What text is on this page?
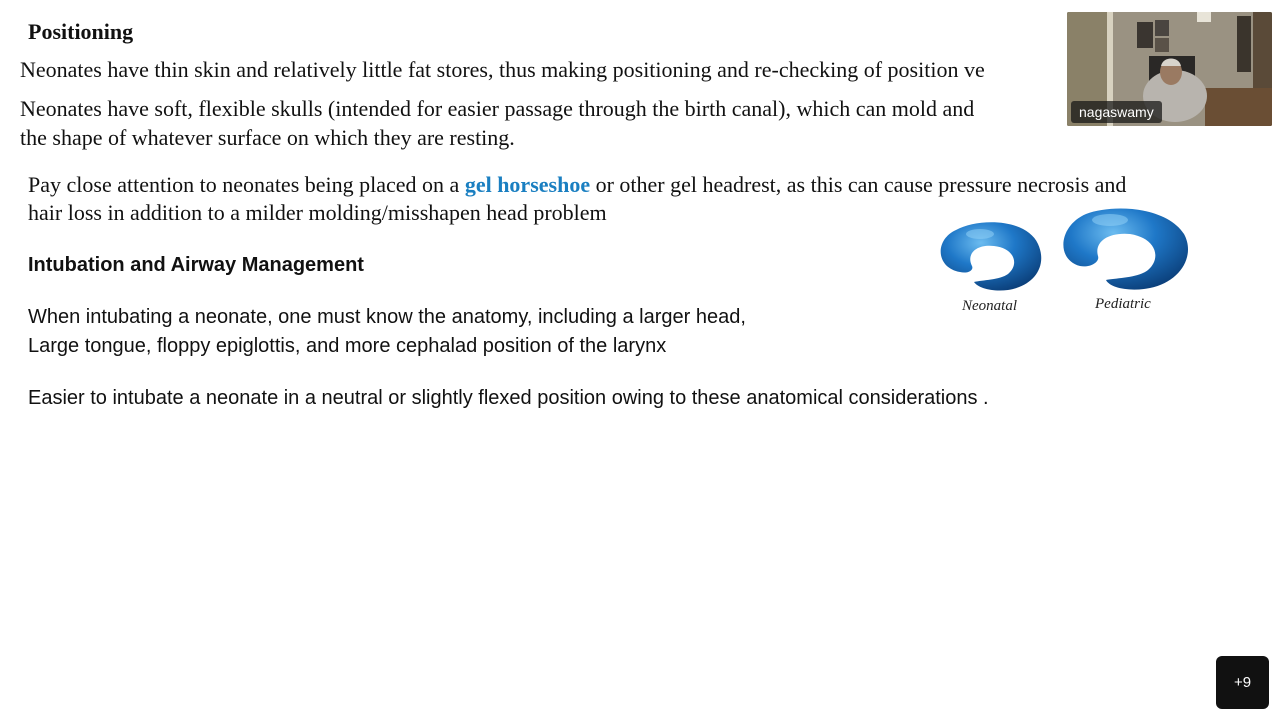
Positioning
Neonates have thin skin and relatively little fat stores, thus making positioning and re-checking of position ve
Neonates have soft, flexible skulls (intended for easier passage through the birth canal), which can mold and
the shape of whatever surface on which they are resting.
Pay close attention to neonates being placed on a gel horseshoe or other gel headrest, as this can cause pressure necrosis and
hair loss in addition to a milder molding/misshapen head problem
Intubation and Airway Management
When intubating a neonate, one must know the anatomy, including a larger head,
Large tongue, floppy epiglottis, and more cephalad position of the larynx
Easier to intubate a neonate in a neutral or slightly flexed position owing to these anatomical considerations .
Neonatal	Pediatric
nagaswamy
+9
